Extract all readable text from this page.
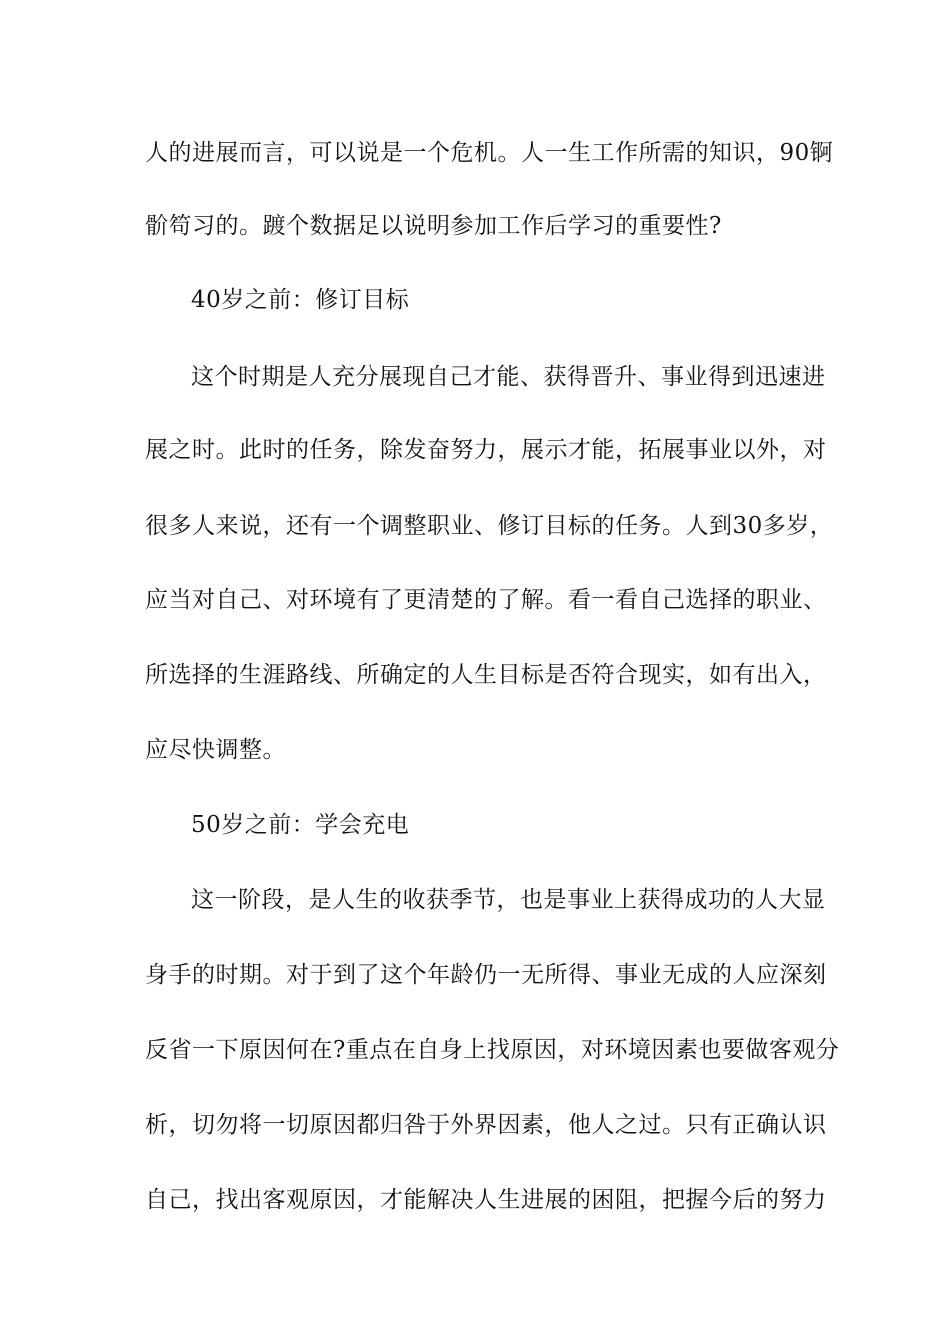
人的进展而言，可以说是一个危机。人一生工作所需的知识，90锕
骱笱习的。踱个数据足以说明参加工作后学习的重要性?
40岁之前：修订目标
这个时期是人充分展现自己才能、获得晋升、事业得到迅速进
展之时。此时的任务，除发奋努力，展示才能，拓展事业以外，对
很多人来说，还有一个调整职业、修订目标的任务。人到30多岁，
应当对自己、对环境有了更清楚的了解。看一看自己选择的职业、
所选择的生涯路线、所确定的人生目标是否符合现实，如有出入，
应尽快调整。
50岁之前：学会充电
这一阶段，是人生的收获季节，也是事业上获得成功的人大显
身手的时期。对于到了这个年龄仍一无所得、事业无成的人应深刻
反省一下原因何在?重点在自身上找原因，对环境因素也要做客观分
析，切勿将一切原因都归咎于外界因素，他人之过。只有正确认识
自己，找出客观原因，才能解决人生进展的困阻，把握今后的努力
